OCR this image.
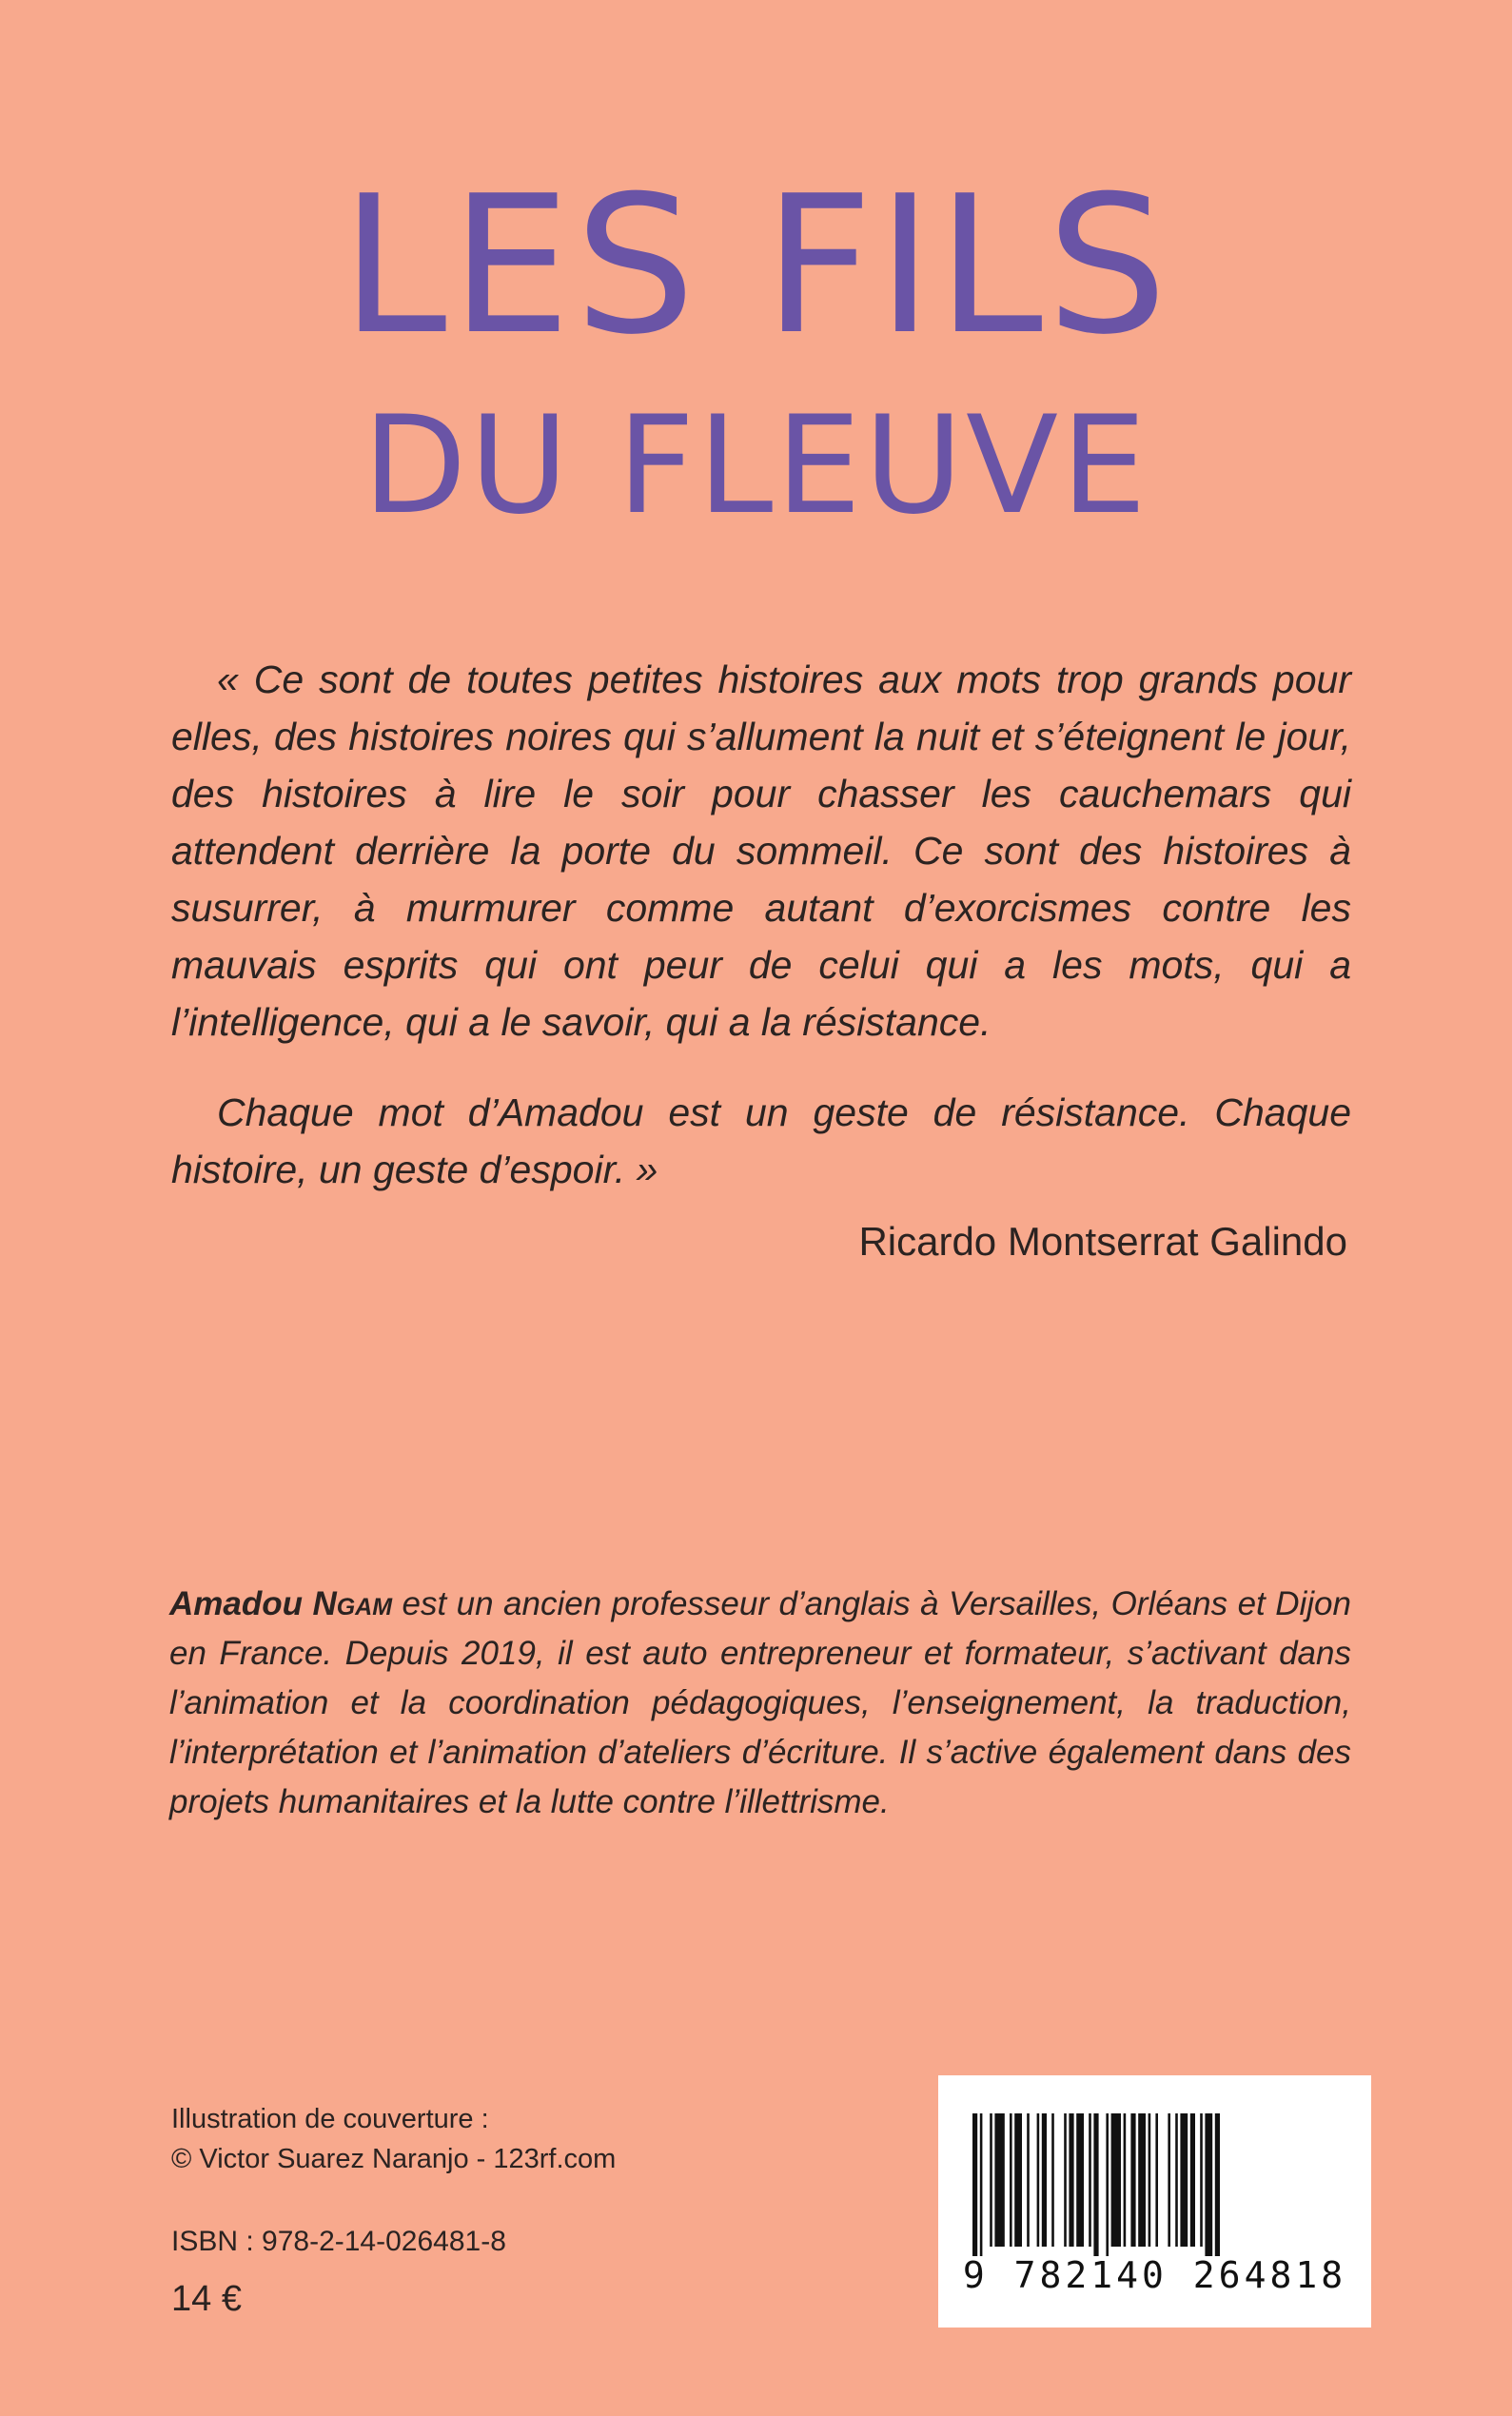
LES FILS
DU FLEUVE

« Ce sont de toutes petites histoires aux mots trop grands pour elles, des histoires noires qui s’allument la nuit et s’éteignent le jour, des histoires à lire le soir pour chasser les cauchemars qui attendent derrière la porte du sommeil. Ce sont des histoires à susurrer, à murmurer comme autant d’exorcismes contre les mauvais esprits qui ont peur de celui qui a les mots, qui a l’intelligence, qui a le savoir, qui a la résistance.

Chaque mot d’Amadou est un geste de résistance. Chaque histoire, un geste d’espoir. »

Ricardo Montserrat Galindo
Amadou Ngam est un ancien professeur d’anglais à Versailles, Orléans et Dijon en France. Depuis 2019, il est auto entrepreneur et formateur, s’activant dans l’animation et la coordination pédagogiques, l’enseignement, la traduction, l’interprétation et l’animation d’ateliers d’écriture. Il s’active également dans des projets humanitaires et la lutte contre l’illettrisme.
Illustration de couverture :
© Victor Suarez Naranjo - 123rf.com
ISBN : 978-2-14-026481-8
14 €
9 782140 264818
